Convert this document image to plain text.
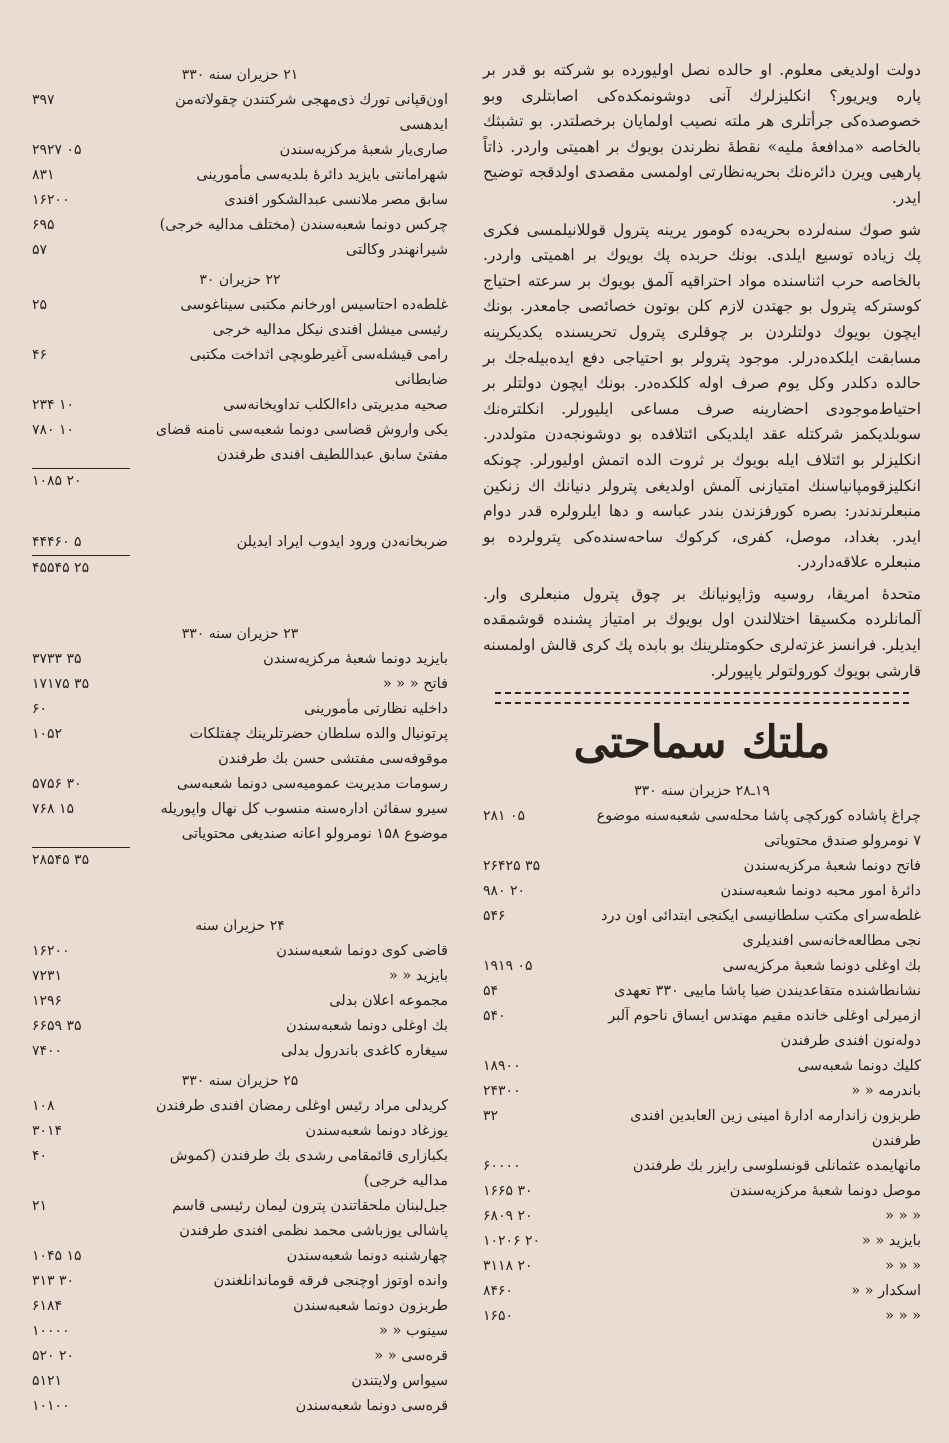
دولت اولدیغی معلوم. او حالده نصل اولیورده بو شرکته بو قدر بر پاره ویریور؟ انکلیزلرك آنی دوشونمکده‌کی اصابتلری وبو خصوصده‌کی جرأتلری هر ملته نصیب اولمایان برخصلتدر. بو تشبثك بالخاصه «مدافعهٔ ملیه» نقطهٔ نظرندن بویوك بر اهمیتی واردر. ذاتاً پارهیی ویرن دائره‌نك بحریه‌نظارتی اولمسی مقصدی اولدقجه توضیح ایدر.

شو صوك سنه‌لرده بحریه‌ده کومور یرینه پترول قوللانیلمسی فکری پك زیاده توسیع ایلدی. بونك حربده پك بویوك بر اهمیتی واردر. بالخاصه حرب اثناسنده مواد احتراقیه آلمق بویوك بر سرعته احتیاج کوسترکه پترول بو جهتدن لازم کلن بوتون خصائصی جامعدر. بونك ایچون بویوك دولتلردن بر چوقلری پترول تحریسنده یکدیکرینه مسابقت ایلکده‌درلر. موجود پترولر بو احتیاجی دفع ایده‌بیله‌جك بر حالده دکلدر وکل یوم صرف اوله کلکده‌در. بونك ایچون دولتلر بر احتیاط‌موجودی احضارینه صرف مساعی ایلیورلر. انکلتره‌نك سوبلدیکمز شرکتله عقد ایلدیکی ائتلافده بو دوشونجه‌دن متولددر. انکلیزلر بو ائتلاف ایله بویوك بر ثروت الده اتمش اولیورلر. چونکه انکلیزقومپانیاسنك امتیازنی آلمش اولدیغی پترولر دنیانك اك زنکین منبعلرندندر: بصره کورفزندن بندر عباسه و دها ایلرولره قدر دوام ایدر. بغداد، موصل، کفری، کرکوك ساحه‌سنده‌کی پترولرده بو منبعلره علاقه‌داردر.

متحدهٔ امریقا، روسیه وژاپونیانك بر چوق پترول منبعلری وار. آلمانلرده مکسیقا اختلالندن اول بویوك بر امتیاز پشنده قوشمقده ایدیلر. فرانسز غزته‌لری حکومتلرینك بو بابده پك کری قالش اولمسنه قارشی بویوك کورولتولر یاپیورلر.

ملتك سماحتی
۱۹ـ۲۸ حزیران سنه ۳۳۰
چراغ پاشاده کورکچی پاشا محله‌سی شعبه‌سنه موضوع ۷ نومرولو صندق محتویاتی
۲۸۱ ۰۵
فاتح دونما شعبهٔ مرکزیه‌سندن
۲۶۴۲۵ ۳۵
دائرهٔ امور محبه دونما شعبه‌سندن
۹۸۰ ۲۰
غلطه‌سرای مکتب سلطانیسی ایکنجی ابتدائی اون درد نجی مطالعه‌خانه‌سی افندیلری
۵۴۶
بك اوغلی دونما شعبهٔ مرکزیه‌سی
۱۹۱۹ ۰۵
نشانطاشنده متقاعدیندن ضیا پاشا ماییی ۳۳۰ تعهدی
۵۴
ازمیرلی اوغلی خانده مقیم مهندس ایساق ناحوم آلبر دوله‌نون افندی طرفندن
۵۴۰
کلیك دونما شعبه‌سی
۱۸۹۰۰
باندرمه « «
۲۴۳۰۰
طربزون زاندارمه ادارهٔ امینی زین العابدین افندی طرفندن
۳۲
مانهایمده عثمانلی قونسلوسی رایزر بك طرفندن
۶۰۰۰۰
موصل دونما شعبهٔ مرکزیه‌سندن
۱۶۶۵ ۳۰
« « «
۶۸۰۹ ۲۰
بایزید « «
۱۰۲۰۶ ۲۰
« « «
۳۱۱۸ ۲۰
اسکدار « «
۸۴۶۰
« « «
۱۶۵۰
۲۱ حزیران سنه ۳۳۰
اون‌قپانی تورك ذی‌مهجی شرکتندن چقولاته‌من ایدهسی
۳۹۷
صاری‌یار شعبهٔ مرکزیه‌سندن
۲۹۲۷ ۰۵
شهرامانتی بایزید دائرهٔ بلدیه‌سی مأمورینی
۸۳۱
سابق مصر ملانسی عبدالشکور افندی
۱۶۲۰۰
چرکس دونما شعبه‌سندن (مختلف مدالیه خرجی)
۶۹۵
شیرانهندر وکالتی
۵۷
۲۲ حزیران ۳۰
غلطه‌ده احتاسیس اورخانم مکتبی سیناغوسی رئیسی میشل افندی نیکل مدالیه خرجی
۲۵
رامی قیشله‌سی آغیرطوبچی اثداخت مکتبی ضابطانی
۴۶
صحیه مدیریتی داءالکلب تداویخانه‌سی
۲۳۴ ۱۰
یکی واروش قضاسی دونما شعبه‌سی نامنه قضای مفتیٔ سابق عبداللطیف افندی طرفندن
۷۸۰ ۱۰
۱۰۸۵ ۲۰
ضربخانه‌دن ورود ایدوب ایراد ایدیلن
۴۴۴۶۰ ۵
۴۵۵۴۵ ۲۵
۲۳ حزیران سنه ۳۳۰
بایزید دونما شعبهٔ مرکزیه‌سندن
۳۷۳۳ ۳۵
فاتح « « «
۱۷۱۷۵ ۳۵
داخلیه نظارتی مأمورینی
۶۰
پرتونیال والده سلطان حضرتلرینك چفتلکات موقوفه‌سی مفتشی حسن بك طرفندن
۱۰۵۲
رسومات مدیریت عمومیه‌سی دونما شعبه‌سی
۵۷۵۶ ۳۰
سیرو سفائن اداره‌سنه منسوب کل نهال واپوریله موضوع ۱۵۸ نومرولو اعانه صندیغی محتویاتی
۷۶۸ ۱۵
۲۸۵۴۵ ۳۵
۲۴ حزیران سنه
قاضی کوی دونما شعبه‌سندن
۱۶۲۰۰
بایزید « «
۷۲۳۱
مجموعه اعلان بدلی
۱۲۹۶
بك اوغلی دونما شعبه‌سندن
۶۶۵۹ ۳۵
سیغاره کاغدی باندرول بدلی
۷۴۰۰
۲۵ حزیران سنه ۳۳۰
کریدلی مراد رئیس اوغلی رمضان افندی طرفندن
۱۰۸
یوزغاد دونما شعبه‌سندن
۳۰۱۴
بکبازاری قائمقامی رشدی بك طرفندن (کموش مدالیه خرجی)
۴۰
جبل‌لبنان ملحقاتندن پترون لیمان رئیسی قاسم پاشالی یوزباشی محمد نظمی افندی طرفندن
۲۱
چهارشنبه دونما شعبه‌سندن
۱۰۴۵ ۱۵
وانده اوتوز اوچنجی فرقه قوماندانلغندن
۳۱۳ ۳۰
طربزون دونما شعبه‌سندن
۶۱۸۴
سینوب « «
۱۰۰۰۰
قره‌سی « «
۵۲۰ ۲۰
سیواس ولایتندن
۵۱۲۱
قره‌سی دونما شعبه‌سندن
۱۰۱۰۰
